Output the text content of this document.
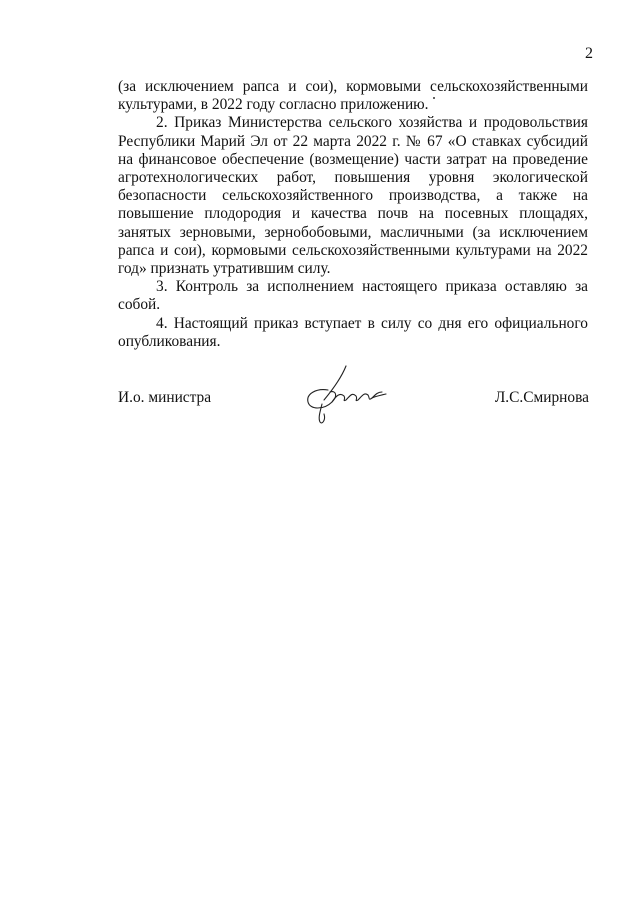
2

(за исключением рапса и сои), кормовыми сельскохозяйственными культурами, в 2022 году согласно приложению.

2. Приказ Министерства сельского хозяйства и продовольствия Республики Марий Эл от 22 марта 2022 г. № 67 «О ставках субсидий на финансовое обеспечение (возмещение) части затрат на проведение агротехнологических работ, повышения уровня экологической безопасности сельскохозяйственного производства, а также на повышение плодородия и качества почв на посевных площадях, занятых зерновыми, зернобобовыми, масличными (за исключением рапса и сои), кормовыми сельскохозяйственными культурами на 2022 год» признать утратившим силу.

3. Контроль за исполнением настоящего приказа оставляю за собой.

4. Настоящий приказ вступает в силу со дня его официального опубликования.

И.о. министра	Л.С.Смирнова
